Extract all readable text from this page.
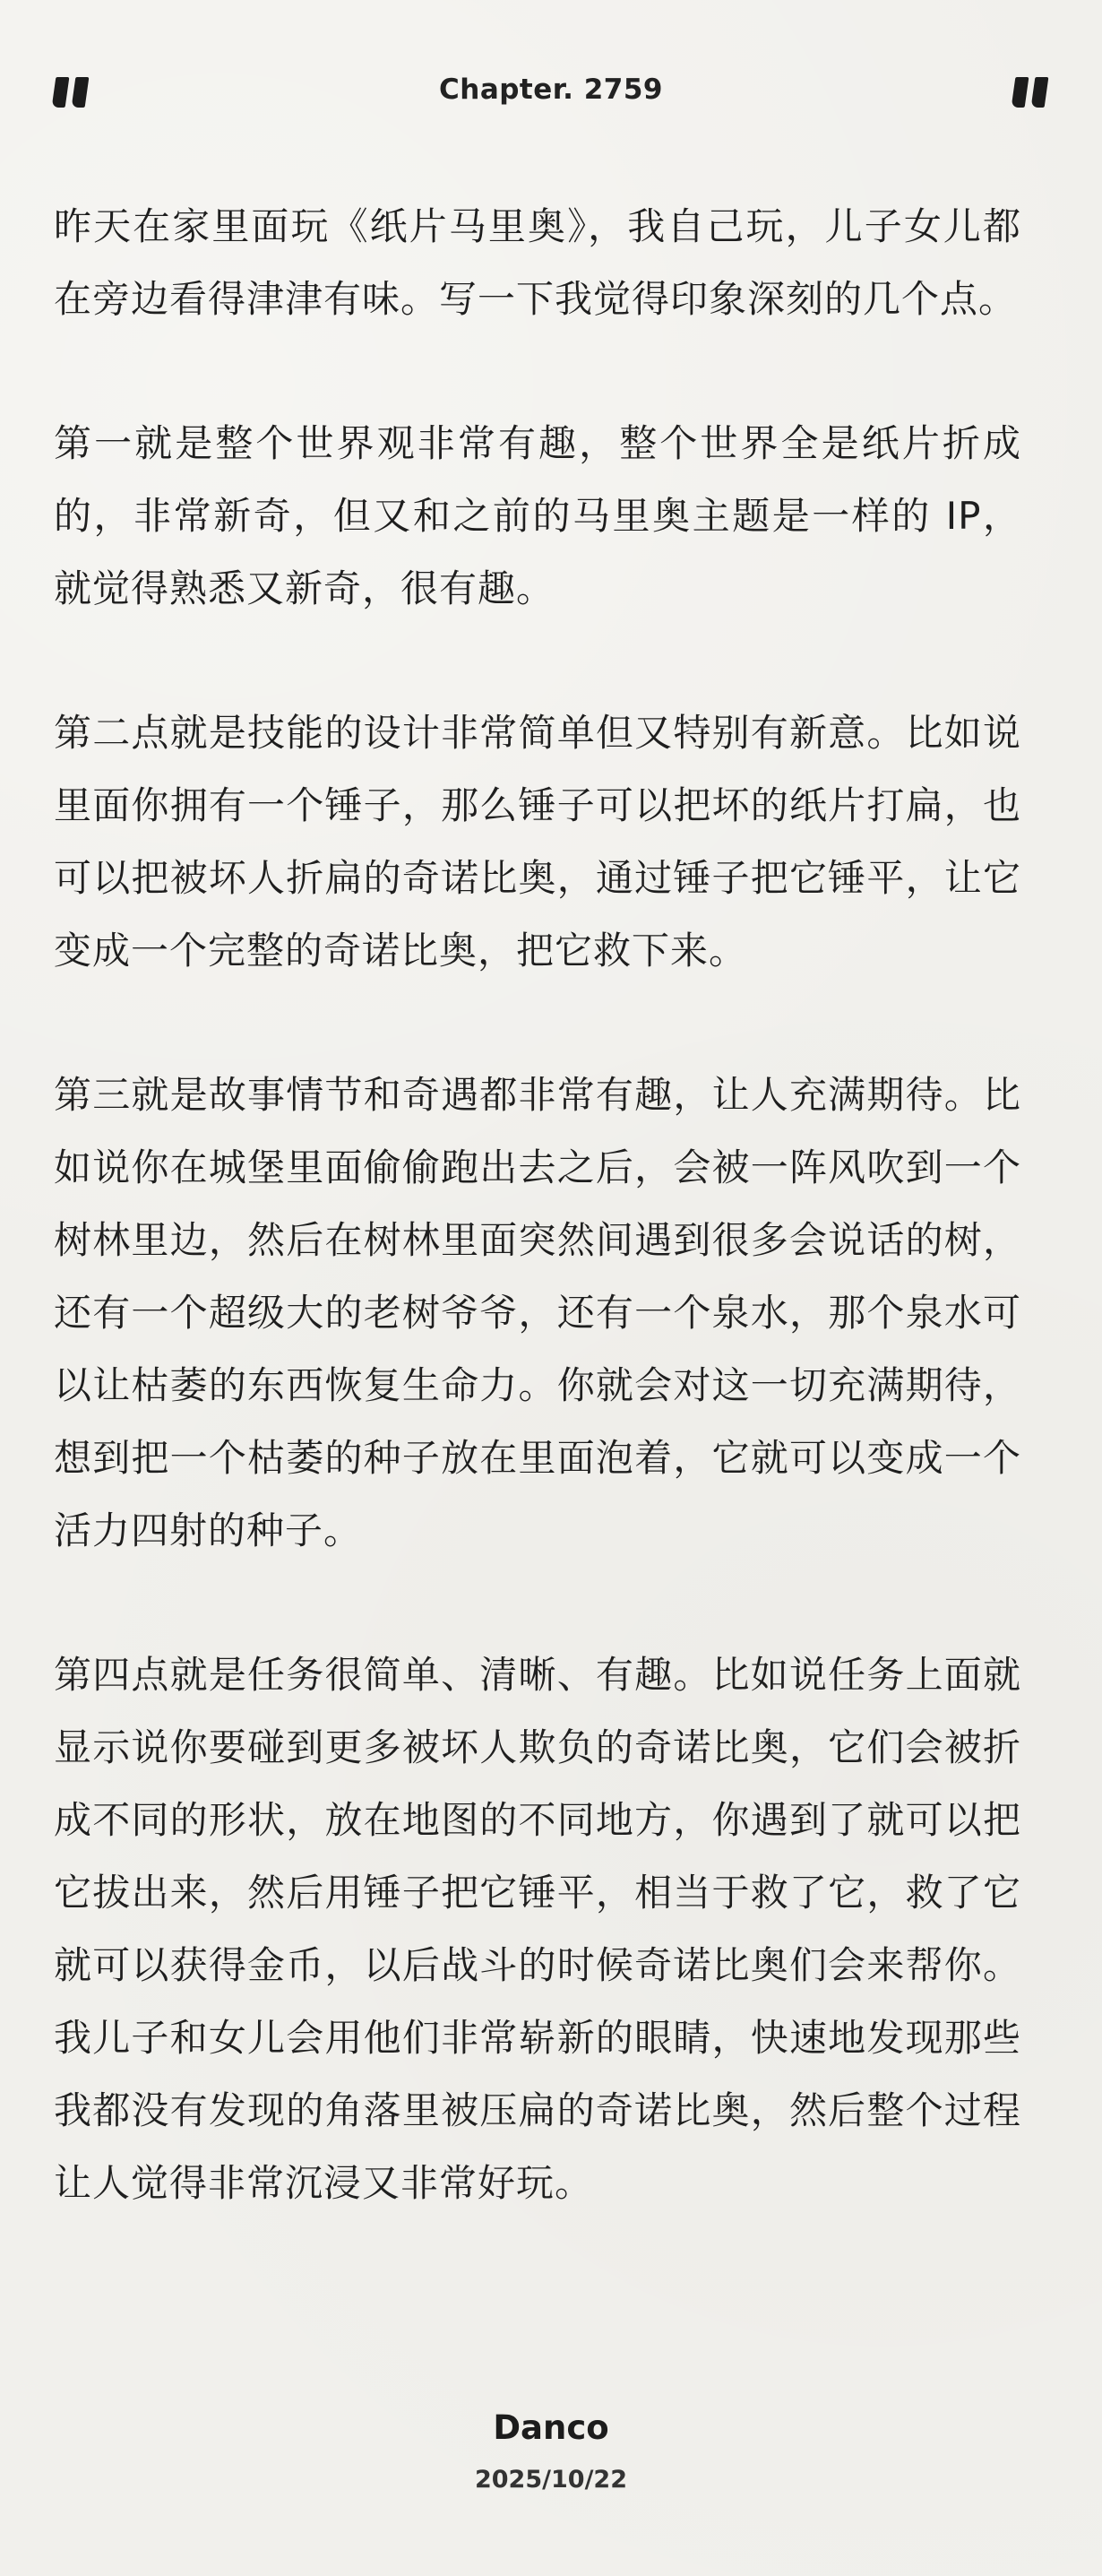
Chapter. 2759

昨天在家里面玩《纸片马里奥》，我自己玩，儿子女儿都在旁边看得津津有味。写一下我觉得印象深刻的几个点。

第一就是整个世界观非常有趣，整个世界全是纸片折成的，非常新奇，但又和之前的马里奥主题是一样的 IP，就觉得熟悉又新奇，很有趣。

第二点就是技能的设计非常简单但又特别有新意。比如说里面你拥有一个锤子，那么锤子可以把坏的纸片打扁，也可以把被坏人折扁的奇诺比奥，通过锤子把它锤平，让它变成一个完整的奇诺比奥，把它救下来。

第三就是故事情节和奇遇都非常有趣，让人充满期待。比如说你在城堡里面偷偷跑出去之后，会被一阵风吹到一个树林里边，然后在树林里面突然间遇到很多会说话的树，还有一个超级大的老树爷爷，还有一个泉水，那个泉水可以让枯萎的东西恢复生命力。你就会对这一切充满期待，想到把一个枯萎的种子放在里面泡着，它就可以变成一个活力四射的种子。

第四点就是任务很简单、清晰、有趣。比如说任务上面就显示说你要碰到更多被坏人欺负的奇诺比奥，它们会被折成不同的形状，放在地图的不同地方，你遇到了就可以把它拔出来，然后用锤子把它锤平，相当于救了它，救了它就可以获得金币，以后战斗的时候奇诺比奥们会来帮你。我儿子和女儿会用他们非常崭新的眼睛，快速地发现那些我都没有发现的角落里被压扁的奇诺比奥，然后整个过程让人觉得非常沉浸又非常好玩。

Danco
2025/10/22
